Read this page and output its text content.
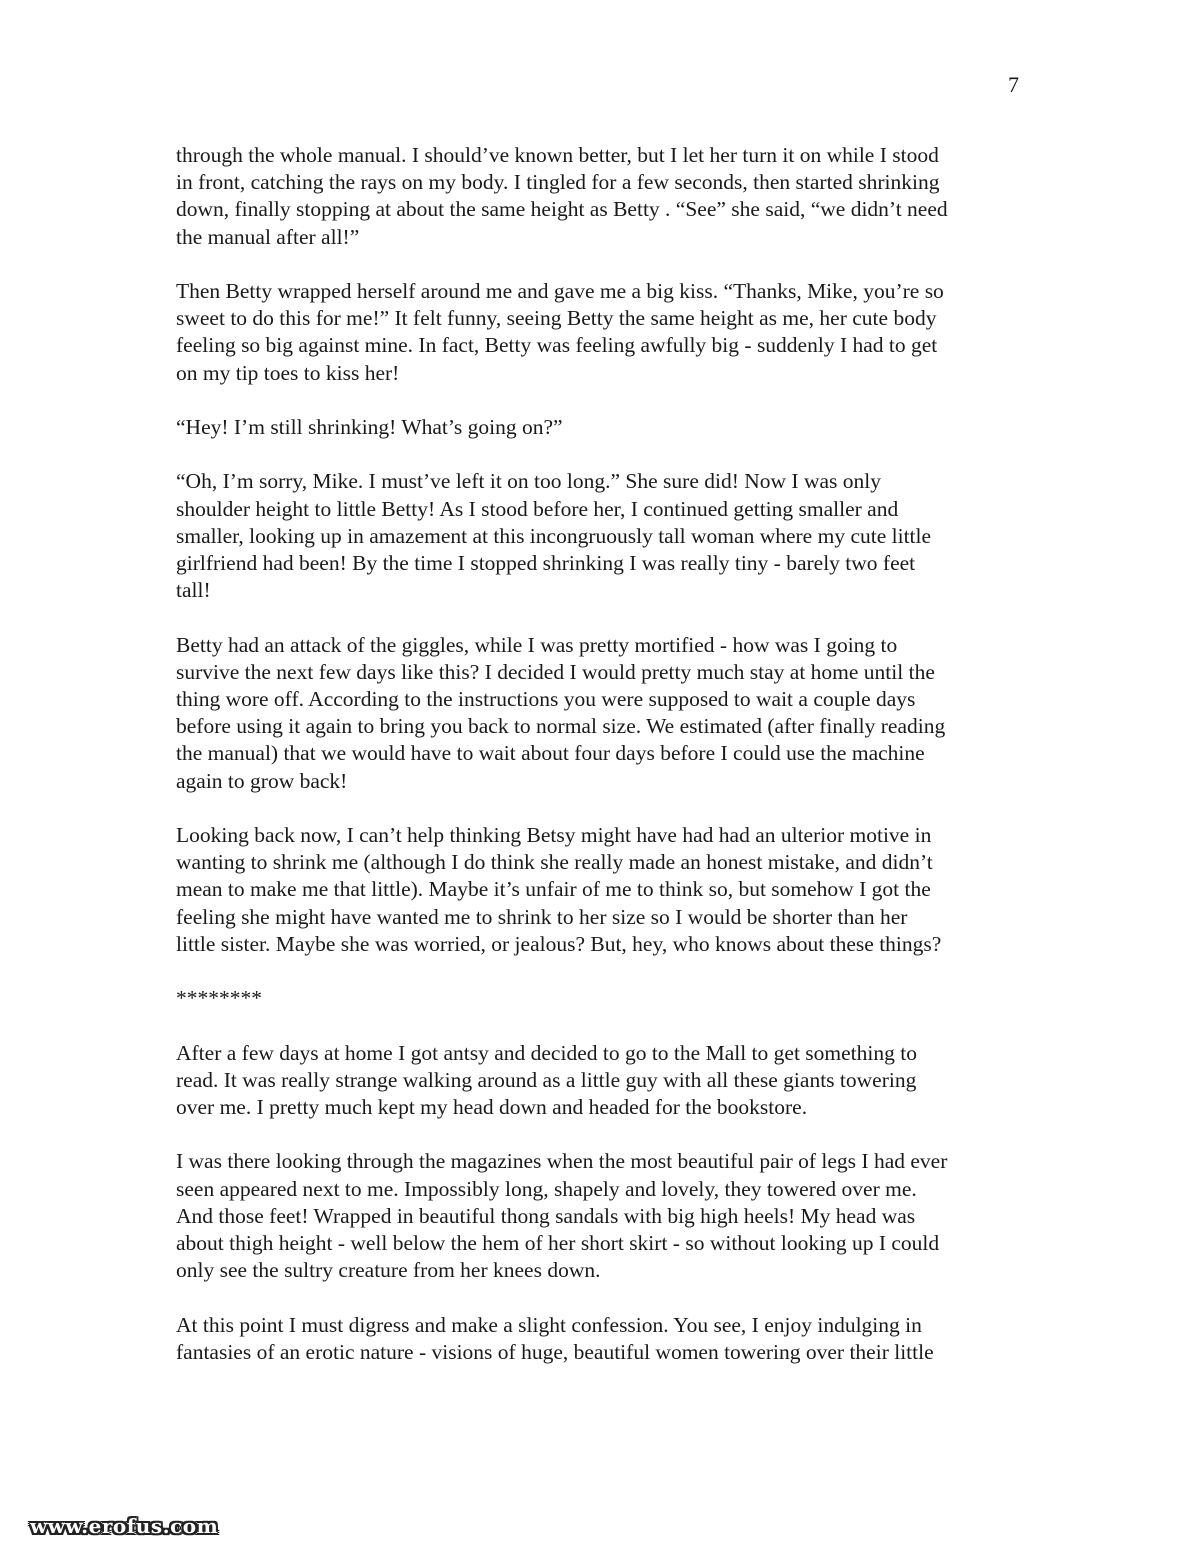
7
through the whole manual. I should’ve known better, but I let her turn it on while I stood
in front, catching the rays on my body. I tingled for a few seconds, then started shrinking
down, finally stopping at about the same height as Betty . “See” she said, “we didn’t need
the manual after all!”
Then Betty wrapped herself around me and gave me a big kiss. “Thanks, Mike, you’re so
sweet to do this for me!” It felt funny, seeing Betty the same height as me, her cute body
feeling so big against mine. In fact, Betty was feeling awfully big - suddenly I had to get
on my tip toes to kiss her!
“Hey! I’m still shrinking! What’s going on?”
“Oh, I’m sorry, Mike. I must’ve left it on too long.” She sure did! Now I was only
shoulder height to little Betty! As I stood before her, I continued getting smaller and
smaller, looking up in amazement at this incongruously tall woman where my cute little
girlfriend had been! By the time I stopped shrinking I was really tiny - barely two feet
tall!
Betty had an attack of the giggles, while I was pretty mortified - how was I going to
survive the next few days like this? I decided I would pretty much stay at home until the
thing wore off. According to the instructions you were supposed to wait a couple days
before using it again to bring you back to normal size. We estimated (after finally reading
the manual) that we would have to wait about four days before I could use the machine
again to grow back!
Looking back now, I can’t help thinking Betsy might have had had an ulterior motive in
wanting to shrink me (although I do think she really made an honest mistake, and didn’t
mean to make me that little). Maybe it’s unfair of me to think so, but somehow I got the
feeling she might have wanted me to shrink to her size so I would be shorter than her
little sister. Maybe she was worried, or jealous? But, hey, who knows about these things?
********
After a few days at home I got antsy and decided to go to the Mall to get something to
read. It was really strange walking around as a little guy with all these giants towering
over me. I pretty much kept my head down and headed for the bookstore.
I was there looking through the magazines when the most beautiful pair of legs I had ever
seen appeared next to me. Impossibly long, shapely and lovely, they towered over me.
And those feet! Wrapped in beautiful thong sandals with big high heels! My head was
about thigh height - well below the hem of her short skirt - so without looking up I could
only see the sultry creature from her knees down.
At this point I must digress and make a slight confession. You see, I enjoy indulging in
fantasies of an erotic nature - visions of huge, beautiful women towering over their little
www.erofus.com
